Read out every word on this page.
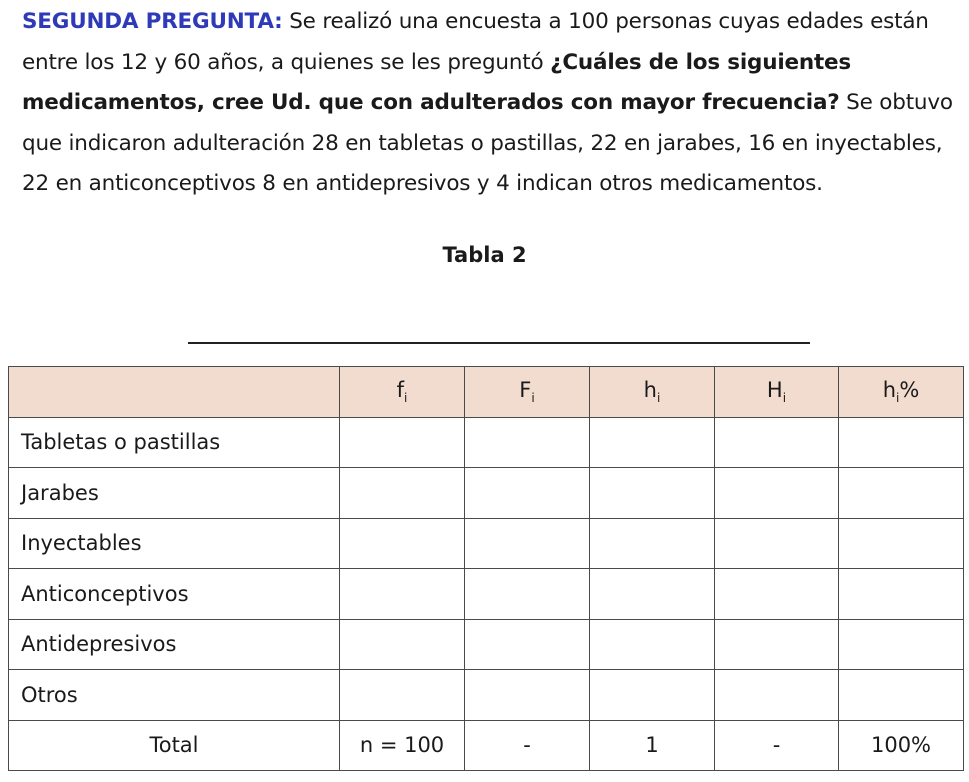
SEGUNDA PREGUNTA: Se realizó una encuesta a 100 personas cuyas edades están entre los 12 y 60 años, a quienes se les preguntó ¿Cuáles de los siguientes medicamentos, cree Ud. que con adulterados con mayor frecuencia? Se obtuvo que indicaron adulteración 28 en tabletas o pastillas, 22 en jarabes, 16 en inyectables, 22 en anticonceptivos 8 en antidepresivos y 4 indican otros medicamentos.
Tabla 2
	$f_i$	$F_i$	$h_i$	$H_i$	$h_i\%$
Tabletas o pastillas					
Jarabes					
Inyectables					
Anticonceptivos					
Antidepresivos					
Otros					
Total	n = 100	-	1	-	100%
